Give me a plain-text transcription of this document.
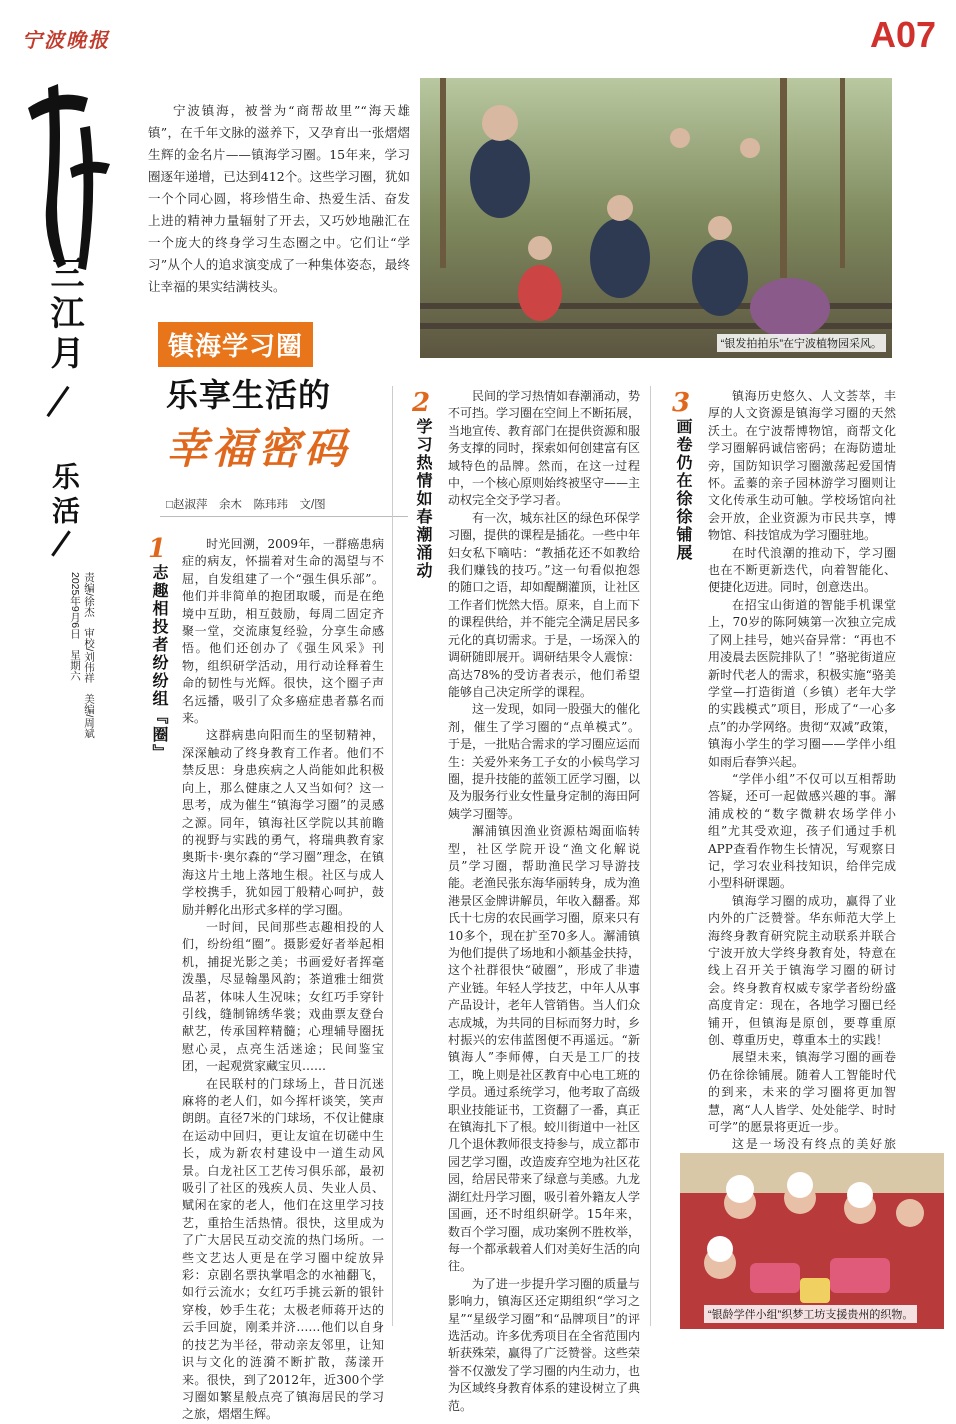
宁波晚报	A07
三江月
乐活
责编/徐杰　审校/刘伟祥　美编/周斌
2025年9月6日　星期六
宁波镇海，被誉为“商帮故里”“海天雄镇”，在千年文脉的滋养下，又孕育出一张熠熠生辉的金名片——镇海学习圈。15年来，学习圈逐年递增，已达到412个。这些学习圈，犹如一个个同心圆，将珍惜生命、热爱生活、奋发上进的精神力量辐射了开去，又巧妙地融汇在一个庞大的终身学习生态圈之中。它们让“学习”从个人的追求演变成了一种集体姿态，最终让幸福的果实结满枝头。
“银发拍拍乐”在宁波植物园采风。
镇海学习圈
乐享生活的
幸福密码
□赵淑萍　余木　陈玮玮　文/图
1
志趣相投者纷纷组『圈』

时光回溯，2009年，一群癌患病症的病友，怀揣着对生命的渴望与不屈，自发组建了一个“强生俱乐部”。他们并非简单的抱团取暖，而是在绝境中互助，相互鼓励，每周二固定齐聚一堂，交流康复经验，分享生命感悟。他们还创办了《强生风采》刊物，组织研学活动，用行动诠释着生命的韧性与光辉。很快，这个圈子声名远播，吸引了众多癌症患者慕名而来。

这群病患向阳而生的坚韧精神，深深触动了终身教育工作者。他们不禁反思：身患疾病之人尚能如此积极向上，那么健康之人又当如何？这一思考，成为催生“镇海学习圈”的灵感之源。同年，镇海社区学院以其前瞻的视野与实践的勇气，将瑞典教育家奥斯卡·奥尔森的“学习圈”理念，在镇海这片土地上落地生根。社区与成人学校携手，犹如园丁般精心呵护，鼓励并孵化出形式多样的学习圈。

一时间，民间那些志趣相投的人们，纷纷组“圈”。摄影爱好者举起相机，捕捉光影之美；书画爱好者挥毫泼墨，尽显翰墨风韵；茶道雅士细赏品茗，体味人生况味；女红巧手穿针引线，缝制锦绣华裳；戏曲票友登台献艺，传承国粹精髓；心理辅导圈抚慰心灵，点亮生活迷途；民间鉴宝团，一起观赏家藏宝贝……

在民联村的门球场上，昔日沉迷麻将的老人们，如今挥杆谈笑，笑声朗朗。直径7米的门球场，不仅让健康在运动中回归，更让友谊在切磋中生长，成为新农村建设中一道生动风景。白龙社区工艺传习俱乐部，最初吸引了社区的残疾人员、失业人员、赋闲在家的老人，他们在这里学习技艺，重拾生活热情。很快，这里成为了广大居民互动交流的热门场所。一些文艺达人更是在学习圈中绽放异彩：京剧名票执掌唱念的水袖翻飞，如行云流水；女红巧手挑云新的银针穿梭，妙手生花；太极老师蒋开达的云手回旋，刚柔并济……他们以自身的技艺为半径，带动亲友邻里，让知识与文化的涟漪不断扩散，荡漾开来。很快，到了2012年，近300个学习圈如繁星般点亮了镇海居民的学习之旅，熠熠生辉。

2
学习热情如春潮涌动

民间的学习热情如春潮涌动，势不可挡。学习圈在空间上不断拓展，当地宣传、教育部门在提供资源和服务支撑的同时，探索如何创建富有区域特色的品牌。然而，在这一过程中，一个核心原则始终被坚守——主动权完全交予学习者。

有一次，城东社区的绿色环保学习圈，提供的课程是插花。一些中年妇女私下嘀咕：“教插花还不如教给我们赚钱的技巧。”这一句看似抱怨的随口之语，却如醍醐灌顶，让社区工作者们恍然大悟。原来，自上而下的课程供给，并不能完全满足居民多元化的真切需求。于是，一场深入的调研随即展开。调研结果令人震惊：高达78%的受访者表示，他们希望能够自己决定所学的课程。

这一发现，如同一股强大的催化剂，催生了学习圈的“点单模式”。于是，一批贴合需求的学习圈应运而生：关爱外来务工子女的小候鸟学习圈，提升技能的蓝领工匠学习圈，以及为服务行业女性量身定制的海田阿姨学习圈等。

澥浦镇因渔业资源枯竭面临转型，社区学院开设“渔文化解说员”学习圈，帮助渔民学习导游技能。老渔民张东海华丽转身，成为渔港景区金牌讲解员，年收入翻番。郑氏十七房的农民画学习圈，原来只有10多个，现在扩至70多人。澥浦镇为他们提供了场地和小额基金扶持，这个社群很快“破圈”，形成了非遗产业链。年轻人学技艺，中年人从事产品设计，老年人管销售。当人们众志成城，为共同的目标而努力时，乡村振兴的宏伟蓝图便不再遥远。“新镇海人”李师傅，白天是工厂的技工，晚上则是社区教育中心电工班的学员。通过系统学习，他考取了高级职业技能证书，工资翻了一番，真正在镇海扎下了根。蛟川街道中一社区几个退休教师很支持参与，成立都市园艺学习圈，改造废弃空地为社区花园，给居民带来了绿意与美感。九龙湖红灶丹学习圈，吸引着外籍友人学国画，还不时组织研学。15年来，数百个学习圈，成功案例不胜枚举，每一个都承载着人们对美好生活的向往。

为了进一步提升学习圈的质量与影响力，镇海区还定期组织“学习之星”“星级学习圈”和“品牌项目”的评选活动。许多优秀项目在全省范围内斩获殊荣，赢得了广泛赞誉。这些荣誉不仅激发了学习圈的内生动力，也为区域终身教育体系的建设树立了典范。

3
画卷仍在徐徐铺展

镇海历史悠久、人文荟萃，丰厚的人文资源是镇海学习圈的天然沃土。在宁波帮博物馆，商帮文化学习圈解码诚信密码；在海防遗址旁，国防知识学习圈激荡起爱国情怀。孟蓁的亲子园林游学习圈则让文化传承生动可触。学校场馆向社会开放，企业资源为市民共享，博物馆、科技馆成为学习圈驻地。

在时代浪潮的推动下，学习圈也在不断更新迭代，向着智能化、便捷化迈进。同时，创意迭出。

在招宝山街道的智能手机课堂上，70岁的陈阿姨第一次独立完成了网上挂号，她兴奋异常：“再也不用凌晨去医院排队了！”骆驼街道应新时代老人的需求，积极实施“骆美学堂—打造街道（乡镇）老年大学的实践模式”项目，形成了“一心多点”的办学网络。贵彻“双减”政策，镇海小学生的学习圈——学伴小组如雨后春笋兴起。

“学伴小组”不仅可以互相帮助答疑，还可一起做感兴趣的事。澥浦成校的“数字微耕农场学伴小组”尤其受欢迎，孩子们通过手机APP查看作物生长情况，写观察日记，学习农业科技知识，给伴完成小型科研课题。

镇海学习圈的成功，赢得了业内外的广泛赞誉。华东师范大学上海终身教育研究院主动联系并联合宁波开放大学终身教育处，特意在线上召开关于镇海学习圈的研讨会。终身教育权威专家学者纷纷盛高度肯定：现在，各地学习圈已经铺开，但镇海是原创，要尊重原创、尊重历史，尊重本土的实践！

展望未来，镇海学习圈的画卷仍在徐徐铺展。随着人工智能时代的到来，未来的学习圈将更加智慧，离“人人皆学、处处能学、时时可学”的愿景将更近一步。

这是一场没有终点的美好旅

“银龄学伴小组”织梦工坊支援贵州的织物。
